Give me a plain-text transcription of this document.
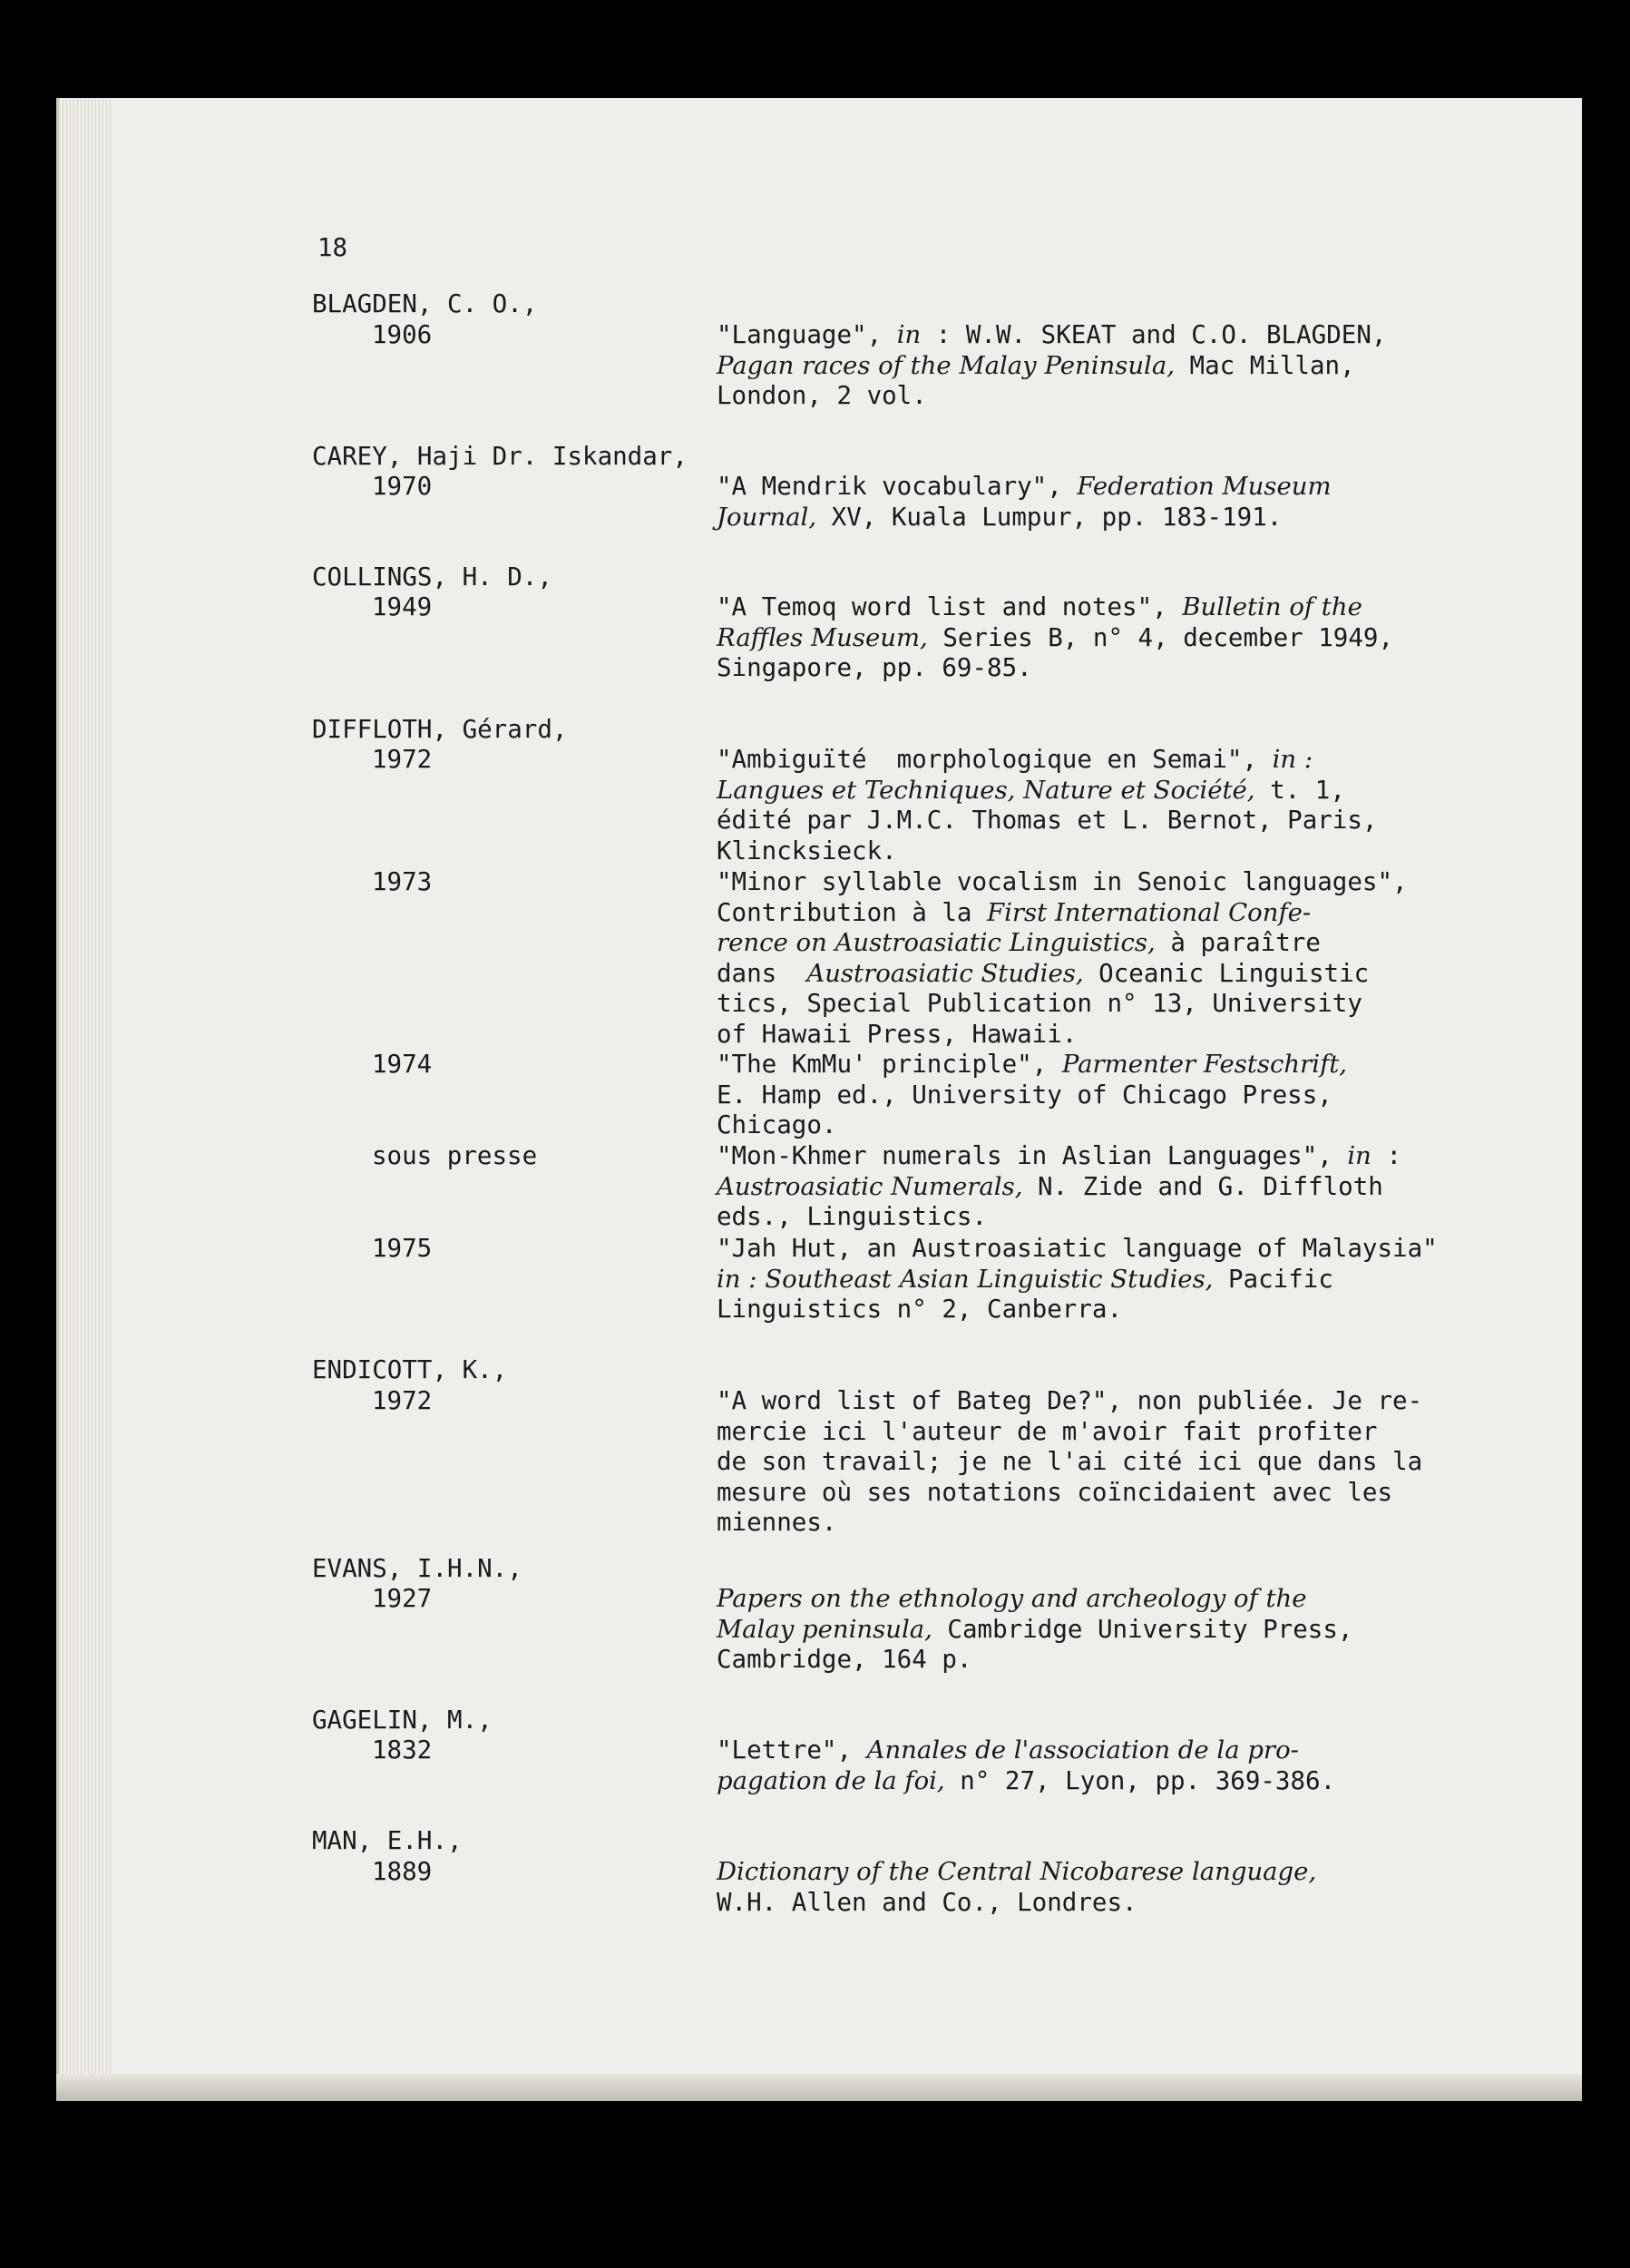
18
BLAGDEN, C. O.,
1906	"Language", in : W.W. SKEAT and C.O. BLAGDEN,
Pagan races of the Malay Peninsula, Mac Millan,
London, 2 vol.
CAREY, Haji Dr. Iskandar,
1970	"A Mendrik vocabulary", Federation Museum
Journal, XV, Kuala Lumpur, pp. 183-191.
COLLINGS, H. D.,
1949	"A Temoq word list and notes", Bulletin of the
Raffles Museum, Series B, n° 4, december 1949,
Singapore, pp. 69-85.
DIFFLOTH, Gérard,
1972	"Ambiguïté  morphologique en Semai", in :
Langues et Techniques, Nature et Société, t. 1,
édité par J.M.C. Thomas et L. Bernot, Paris,
Klincksieck.
1973	"Minor syllable vocalism in Senoic languages",
Contribution à la First International Confe-
rence on Austroasiatic Linguistics, à paraître
dans  Austroasiatic Studies, Oceanic Linguistic
tics, Special Publication n° 13, University
of Hawaii Press, Hawaii.
1974	"The KmMu' principle", Parmenter Festschrift,
E. Hamp ed., University of Chicago Press,
Chicago.
sous presse	"Mon-Khmer numerals in Aslian Languages", in :
Austroasiatic Numerals, N. Zide and G. Diffloth
eds., Linguistics.
1975	"Jah Hut, an Austroasiatic language of Malaysia"
in : Southeast Asian Linguistic Studies, Pacific
Linguistics n° 2, Canberra.
ENDICOTT, K.,
1972	"A word list of Bateg De?", non publiée. Je re-
mercie ici l'auteur de m'avoir fait profiter
de son travail; je ne l'ai cité ici que dans la
mesure où ses notations coïncidaient avec les
miennes.
EVANS, I.H.N.,
1927	Papers on the ethnology and archeology of the
Malay peninsula, Cambridge University Press,
Cambridge, 164 p.
GAGELIN, M.,
1832	"Lettre", Annales de l'association de la pro-
pagation de la foi, n° 27, Lyon, pp. 369-386.
MAN, E.H.,
1889	Dictionary of the Central Nicobarese language,
W.H. Allen and Co., Londres.
